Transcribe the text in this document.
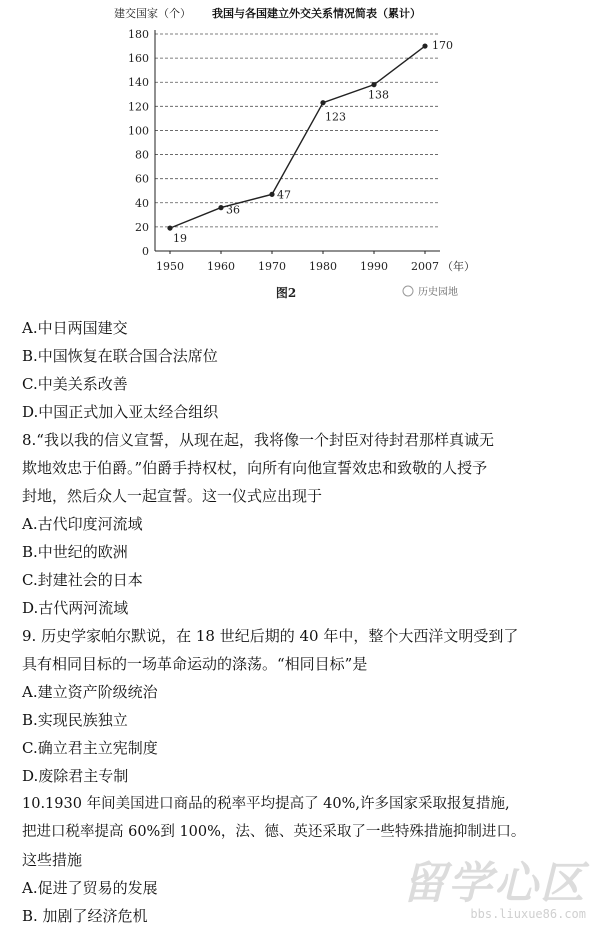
建交国家（个） 我国与各国建立外交关系情况简表（累计）
0
20
40
60
80
100
120
140
160
180
1950 1960 1970 1980 1990 2007
19
36
47
123
138
170
（年）
图2	历史园地
A.中日两国建交
B.中国恢复在联合国合法席位
C.中美关系改善
D.中国正式加入亚太经合组织
8.“我以我的信义宣誓，从现在起，我将像一个封臣对待封君那样真诚无
欺地效忠于伯爵。”伯爵手持权杖，向所有向他宣誓效忠和致敬的人授予
封地，然后众人一起宣誓。这一仪式应出现于
A.古代印度河流域
B.中世纪的欧洲
C.封建社会的日本
D.古代两河流域
9. 历史学家帕尔默说，在 18 世纪后期的 40 年中，整个大西洋文明受到了
具有相同目标的一场革命运动的涤荡。“相同目标”是
A.建立资产阶级统治
B.实现民族独立
C.确立君主立宪制度
D.废除君主专制
10.1930 年间美国进口商品的税率平均提高了 40%,许多国家采取报复措施,
把进口税率提高 60%到 100%，法、德、英还采取了一些特殊措施抑制进口。
这些措施
A.促进了贸易的发展
B. 加剧了经济危机
留学心区
bbs.liuxue86.com
